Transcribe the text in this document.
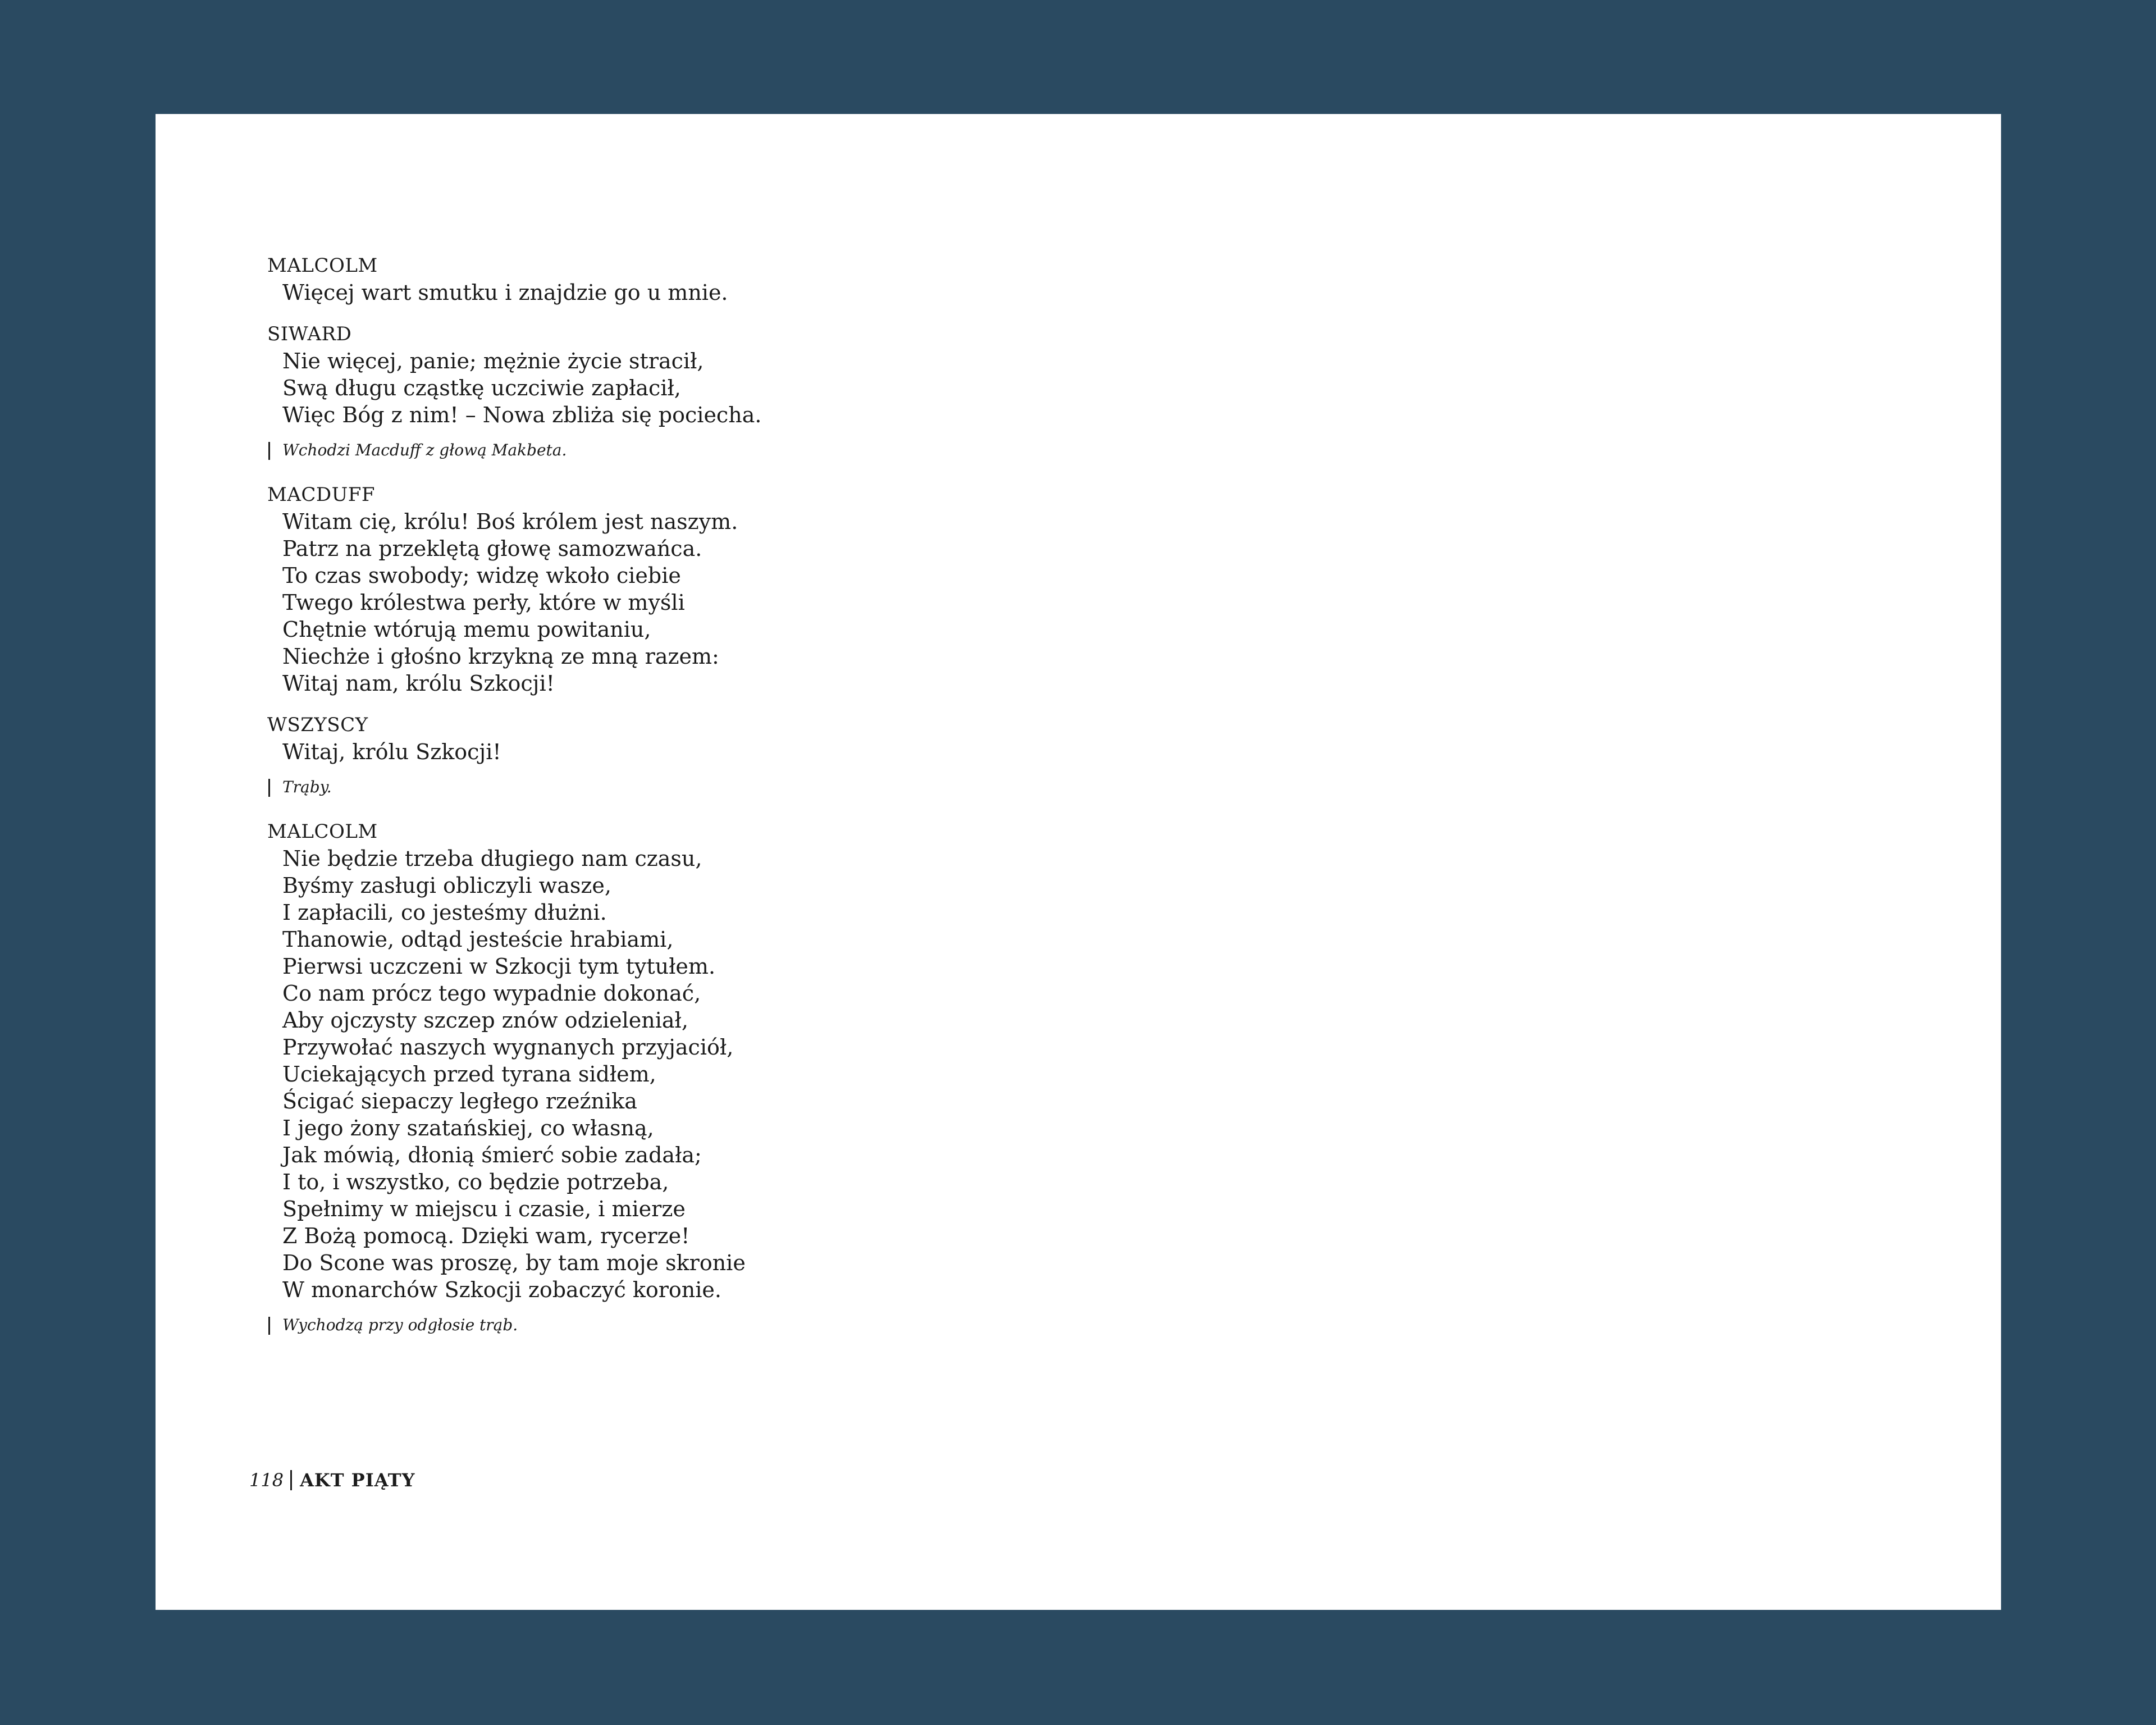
MALCOLM
Więcej wart smutku i znajdzie go u mnie.
SIWARD
Nie więcej, panie; mężnie życie stracił,
Swą długu cząstkę uczciwie zapłacił,
Więc Bóg z nim! – Nowa zbliża się pociecha.
Wchodzi Macduff z głową Makbeta.
MACDUFF
Witam cię, królu! Boś królem jest naszym.
Patrz na przeklętą głowę samozwańca.
To czas swobody; widzę wkoło ciebie
Twego królestwa perły, które w myśli
Chętnie wtórują memu powitaniu,
Niechże i głośno krzykną ze mną razem:
Witaj nam, królu Szkocji!
WSZYSCY
Witaj, królu Szkocji!
Trąby.
MALCOLM
Nie będzie trzeba długiego nam czasu,
Byśmy zasługi obliczyli wasze,
I zapłacili, co jesteśmy dłużni.
Thanowie, odtąd jesteście hrabiami,
Pierwsi uczczeni w Szkocji tym tytułem.
Co nam prócz tego wypadnie dokonać,
Aby ojczysty szczep znów odzieleniał,
Przywołać naszych wygnanych przyjaciół,
Uciekających przed tyrana sidłem,
Ścigać siepaczy ległego rzeźnika
I jego żony szatańskiej, co własną,
Jak mówią, dłonią śmierć sobie zadała;
I to, i wszystko, co będzie potrzeba,
Spełnimy w miejscu i czasie, i mierze
Z Bożą pomocą. Dzięki wam, rycerze!
Do Scone was proszę, by tam moje skronie
W monarchów Szkocji zobaczyć koronie.
Wychodzą przy odgłosie trąb.
118 AKT PIĄTY
